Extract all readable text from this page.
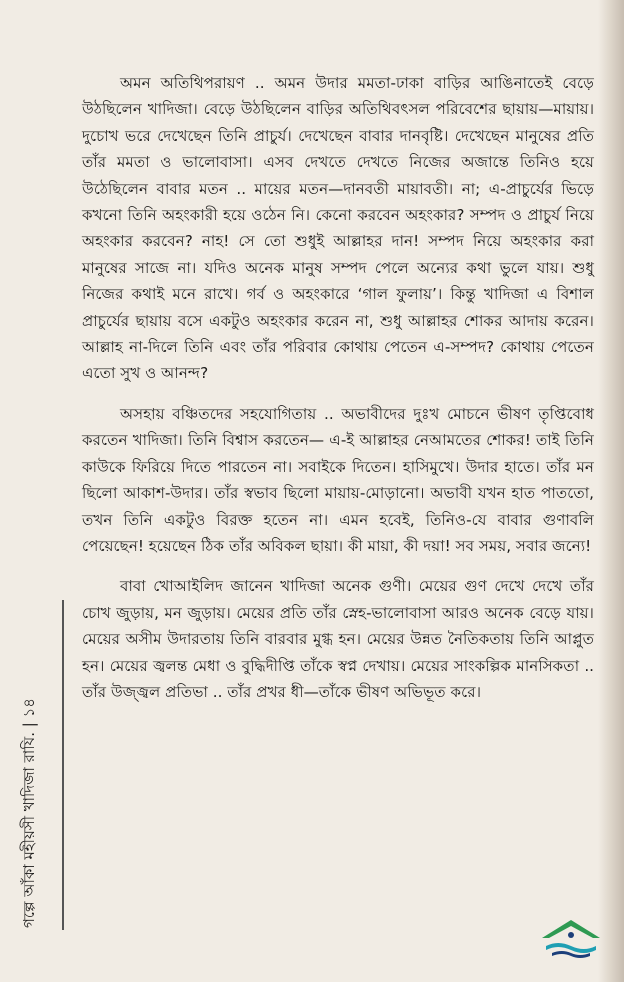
গল্পে আঁকা মহীয়সী খাদিজা রাযি. | ১৪

অমন অতিথিপরায়ণ .. অমন উদার মমতা-ঢাকা বাড়ির আঙিনাতেই বেড়ে উঠছিলেন খাদিজা। বেড়ে উঠছিলেন বাড়ির অতিথিবৎসল পরিবেশের ছায়ায়—মায়ায়। দুচোখ ভরে দেখেছেন তিনি প্রাচুর্য। দেখেছেন বাবার দানবৃষ্টি। দেখেছেন মানুষের প্রতি তাঁর মমতা ও ভালোবাসা। এসব দেখতে দেখতে নিজের অজান্তে তিনিও হয়ে উঠেছিলেন বাবার মতন .. মায়ের মতন—দানবতী মায়াবতী। না; এ-প্রাচুর্যের ভিড়ে কখনো তিনি অহংকারী হয়ে ওঠেন নি। কেনো করবেন অহংকার? সম্পদ ও প্রাচুর্য নিয়ে অহংকার করবেন? নাহ! সে তো শুধুই আল্লাহর দান! সম্পদ নিয়ে অহংকার করা মানুষের সাজে না। যদিও অনেক মানুষ সম্পদ পেলে অন্যের কথা ভুলে যায়। শুধু নিজের কথাই মনে রাখে। গর্ব ও অহংকারে ‘গাল ফুলায়’। কিন্তু খাদিজা এ বিশাল প্রাচুর্যের ছায়ায় বসে একটুও অহংকার করেন না, শুধু আল্লাহর শোকর আদায় করেন। আল্লাহ না-দিলে তিনি এবং তাঁর পরিবার কোথায় পেতেন এ-সম্পদ? কোথায় পেতেন এতো সুখ ও আনন্দ?

অসহায় বঞ্চিতদের সহযোগিতায় .. অভাবীদের দুঃখ মোচনে ভীষণ তৃপ্তিবোধ করতেন খাদিজা। তিনি বিশ্বাস করতেন— এ-ই আল্লাহর নেআমতের শোকর! তাই তিনি কাউকে ফিরিয়ে দিতে পারতেন না। সবাইকে দিতেন। হাসিমুখে। উদার হাতে। তাঁর মন ছিলো আকাশ-উদার। তাঁর স্বভাব ছিলো মায়ায়-মোড়ানো। অভাবী যখন হাত পাততো, তখন তিনি একটুও বিরক্ত হতেন না। এমন হবেই, তিনিও-যে বাবার গুণাবলি পেয়েছেন! হয়েছেন ঠিক তাঁর অবিকল ছায়া। কী মায়া, কী দয়া! সব সময়, সবার জন্যে!

বাবা খোআইলিদ জানেন খাদিজা অনেক গুণী। মেয়ের গুণ দেখে দেখে তাঁর চোখ জুড়ায়, মন জুড়ায়। মেয়ের প্রতি তাঁর স্নেহ-ভালোবাসা আরও অনেক বেড়ে যায়। মেয়ের অসীম উদারতায় তিনি বারবার মুগ্ধ হন। মেয়ের উন্নত নৈতিকতায় তিনি আপ্লুত হন। মেয়ের জ্বলন্ত মেধা ও বুদ্ধিদীপ্তি তাঁকে স্বপ্ন দেখায়। মেয়ের সাংকল্পিক মানসিকতা .. তাঁর উজ্জ্বল প্রতিভা .. তাঁর প্রখর ধী—তাঁকে ভীষণ অভিভূত করে।
